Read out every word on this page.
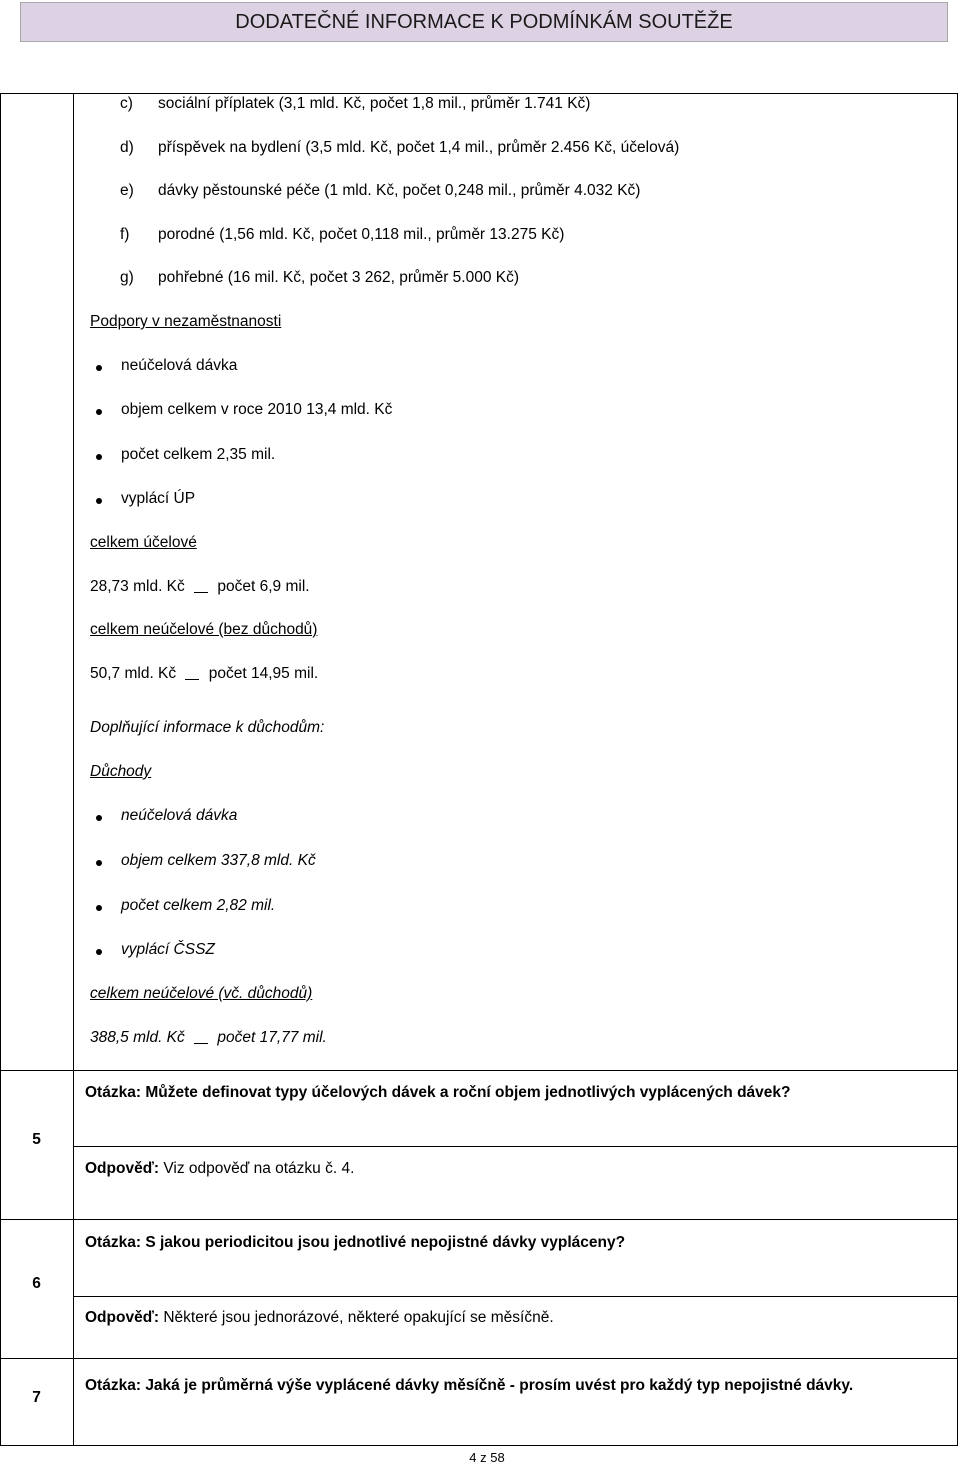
DODATEČNÉ INFORMACE K PODMÍNKÁM SOUTĚŽE
c) sociální příplatek (3,1 mld. Kč, počet 1,8 mil., průměr 1.741 Kč)
d) příspěvek na bydlení (3,5 mld. Kč, počet 1,4 mil., průměr 2.456 Kč, účelová)
e) dávky pěstounské péče (1 mld. Kč, počet 0,248 mil., průměr 4.032 Kč)
f) porodné (1,56 mld. Kč, počet 0,118 mil., průměr 13.275 Kč)
g) pohřebné (16 mil. Kč, počet 3 262, průměr 5.000 Kč)
Podpory v nezaměstnanosti
neúčelová dávka
objem celkem v roce 2010 13,4 mld. Kč
počet celkem 2,35 mil.
vyplácí ÚP
celkem účelové
28,73 mld. Kč počet 6,9 mil.
celkem neúčelové (bez důchodů)
50,7 mld. Kč počet 14,95 mil.
Doplňující informace k důchodům:
Důchody
neúčelová dávka
objem celkem 337,8 mld. Kč
počet celkem 2,82 mil.
vyplácí ČSSZ
celkem neúčelové (vč. důchodů)
388,5 mld. Kč počet 17,77 mil.
5
Otázka: Můžete definovat typy účelových dávek a roční objem jednotlivých vyplácených dávek?
Odpověď: Viz odpověď na otázku č. 4.
6
Otázka: S jakou periodicitou jsou jednotlivé nepojistné dávky vypláceny?
Odpověď: Některé jsou jednorázové, některé opakující se měsíčně.
7
Otázka: Jaká je průměrná výše vyplácené dávky měsíčně - prosím uvést pro každý typ nepojistné dávky.
4 z 58
